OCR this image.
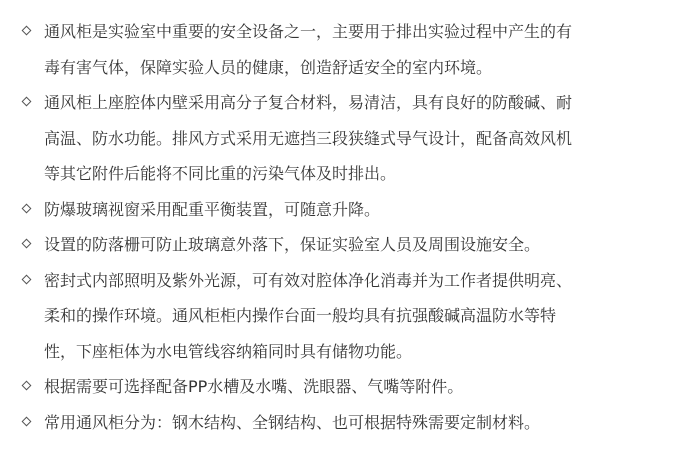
通风柜是实验室中重要的安全设备之一，主要用于排出实验过程中产生的有
毒有害气体，保障实验人员的健康，创造舒适安全的室内环境。
通风柜上座腔体内壁采用高分子复合材料，易清洁，具有良好的防酸碱、耐
高温、防水功能。排风方式采用无遮挡三段狭缝式导气设计，配备高效风机
等其它附件后能将不同比重的污染气体及时排出。
防爆玻璃视窗采用配重平衡装置，可随意升降。
设置的防落栅可防止玻璃意外落下，保证实验室人员及周围设施安全。
密封式内部照明及紫外光源，可有效对腔体净化消毒并为工作者提供明亮、
柔和的操作环境。通风柜柜内操作台面一般均具有抗强酸碱高温防水等特
性，下座柜体为水电管线容纳箱同时具有储物功能。
根据需要可选择配备PP水槽及水嘴、洗眼器、气嘴等附件。
常用通风柜分为：钢木结构、全钢结构、也可根据特殊需要定制材料。
